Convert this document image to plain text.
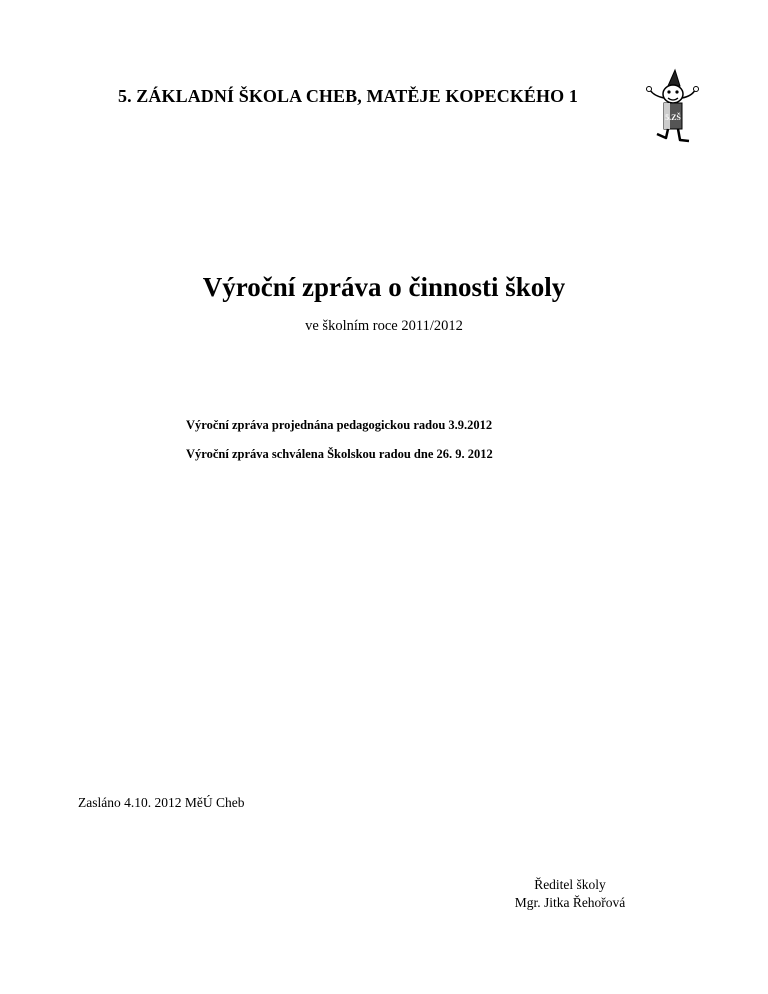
5. ZÁKLADNÍ ŠKOLA CHEB, MATĚJE KOPECKÉHO 1
5.ZŠ
Výroční zpráva o činnosti školy
ve školním roce 2011/2012
Výroční zpráva projednána pedagogickou radou 3.9.2012
Výroční zpráva schválena Školskou radou dne 26. 9. 2012
Zasláno 4.10. 2012 MěÚ Cheb
Ředitel školy
Mgr. Jitka Řehořová
